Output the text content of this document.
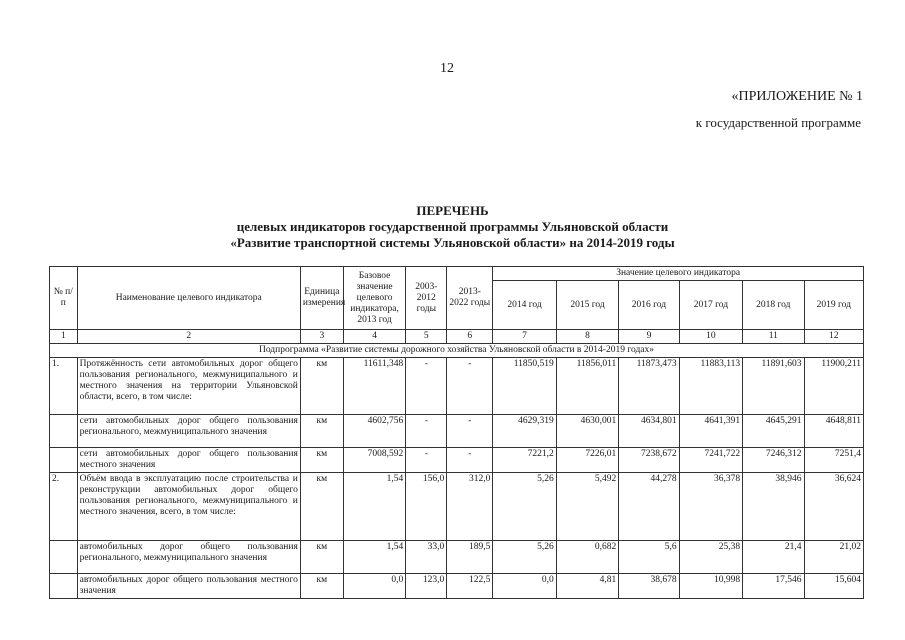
12
«ПРИЛОЖЕНИЕ № 1
к государственной программе
ПЕРЕЧЕНЬ
целевых индикаторов государственной программы Ульяновской области
«Развитие транспортной системы Ульяновской области» на 2014-2019 годы
№ п/п	Наименование целевого индикатора	Единица измерения	Базовое значение целевого индикатора, 2013 год	2003-2012 годы	2013-2022 годы	Значение целевого индикатора					
						2014 год	2015 год	2016 год	2017 год	2018 год	2019 год
1	2	3	4	5	6	7	8	9	10	11	12
Подпрограмма «Развитие системы дорожного хозяйства Ульяновской области в 2014-2019 годах»											
1.	Протяжённость сети автомобильных дорог общего пользования регионального, межмуниципального и местного значения на территории Ульяновской области, всего, в том числе:	км	11611,348	-	-	11850,519	11856,011	11873,473	11883,113	11891,603	11900,211
	сети автомобильных дорог общего пользования регионального, межмуниципального значения	км	4602,756	-	-	4629,319	4630,001	4634,801	4641,391	4645,291	4648,811
	сети автомобильных дорог общего пользования местного значения	км	7008,592	-	-	7221,2	7226,01	7238,672	7241,722	7246,312	7251,4
2.	Объём ввода в эксплуатацию после строительства и реконструкции автомобильных дорог общего пользования регионального, межмуниципального и местного значения, всего, в том числе:	км	1,54	156,0	312,0	5,26	5,492	44,278	36,378	38,946	36,624
	автомобильных дорог общего пользования регионального, межмуниципального значения	км	1,54	33,0	189,5	5,26	0,682	5,6	25,38	21,4	21,02
	автомобильных дорог общего пользования местного значения	км	0,0	123,0	122,5	0,0	4,81	38,678	10,998	17,546	15,604
